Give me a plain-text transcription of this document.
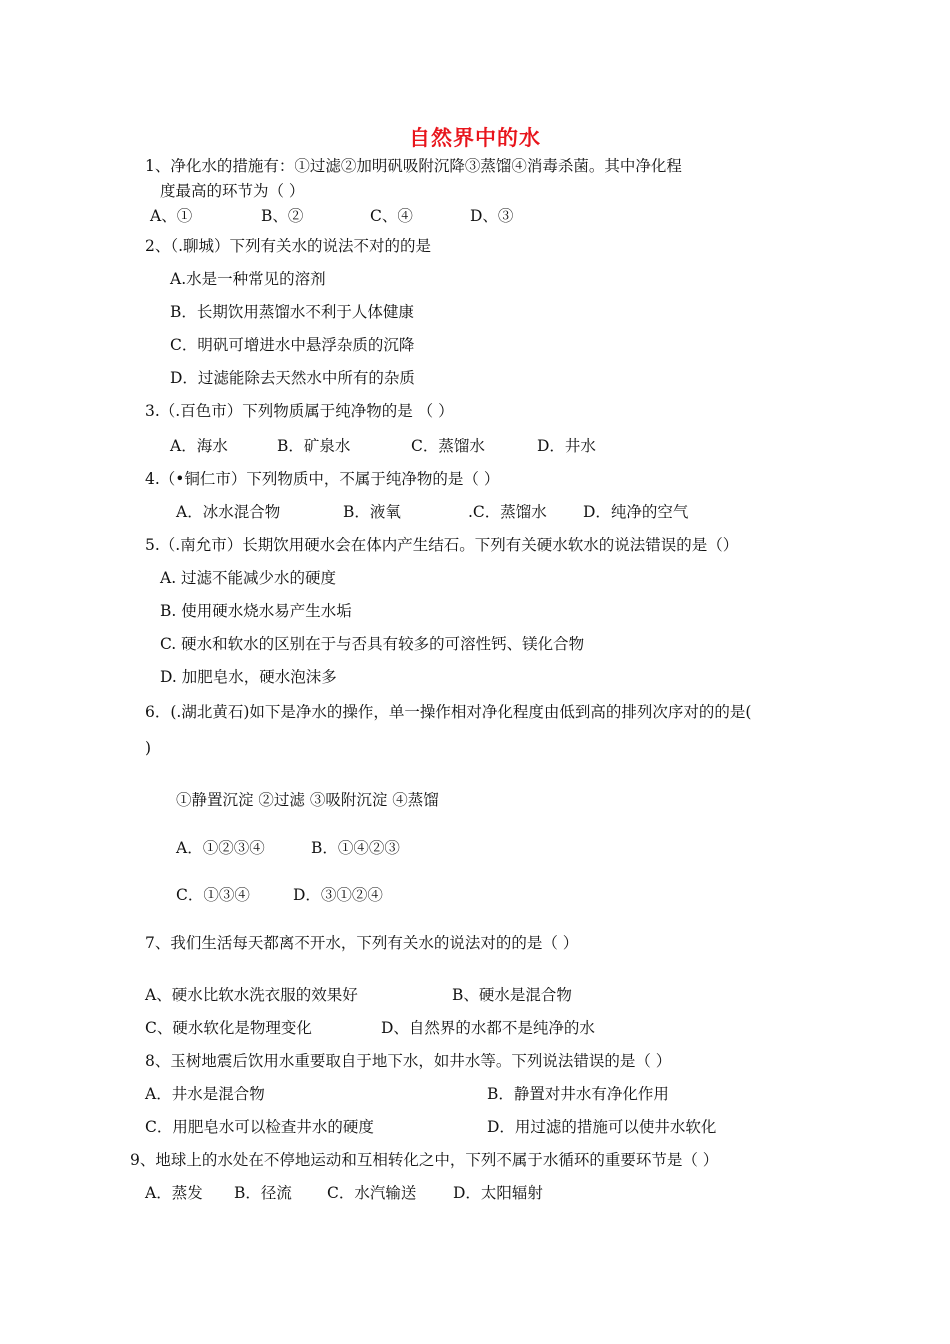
自然界中的水
1、净化水的措施有：①过滤②加明矾吸附沉降③蒸馏④消毒杀菌。其中净化程
度最高的环节为（ ）
A、①	B、②	C、④	D、③
2、（.聊城）下列有关水的说法不对的的是
A.水是一种常见的溶剂
B．长期饮用蒸馏水不利于人体健康
C．明矾可增进水中悬浮杂质的沉降
D．过滤能除去天然水中所有的杂质
3.（.百色市）下列物质属于纯净物的是 （ ）
A．海水	B．矿泉水	C．蒸馏水	D．井水
4.（•铜仁市）下列物质中，不属于纯净物的是（ ）
A．冰水混合物	B．液氧	.C．蒸馏水 D．纯净的空气
5.（.南允市）长期饮用硬水会在体内产生结石。下列有关硬水软水的说法错误的是（）
A. 过滤不能减少水的硬度
B. 使用硬水烧水易产生水垢
C. 硬水和软水的区别在于与否具有较多的可溶性钙、镁化合物
D. 加肥皂水，硬水泡沫多
6．(.湖北黄石)如下是净水的操作，单一操作相对净化程度由低到高的排列次序对的的是(
)
①静置沉淀 ②过滤 ③吸附沉淀 ④蒸馏
A．①②③④	B．①④②③
C．①③④	D．③①②④
7、我们生活每天都离不开水，下列有关水的说法对的的是（ ）
A、硬水比软水洗衣服的效果好	B、硬水是混合物
C、硬水软化是物理变化	D、自然界的水都不是纯净的水
8、玉树地震后饮用水重要取自于地下水，如井水等。下列说法错误的是（ ）
A．井水是混合物	B．静置对井水有净化作用
C．用肥皂水可以检查井水的硬度	D．用过滤的措施可以使井水软化
9、地球上的水处在不停地运动和互相转化之中，下列不属于水循环的重要环节是（ ）
A．蒸发 B．径流 C．水汽输送 D．太阳辐射
